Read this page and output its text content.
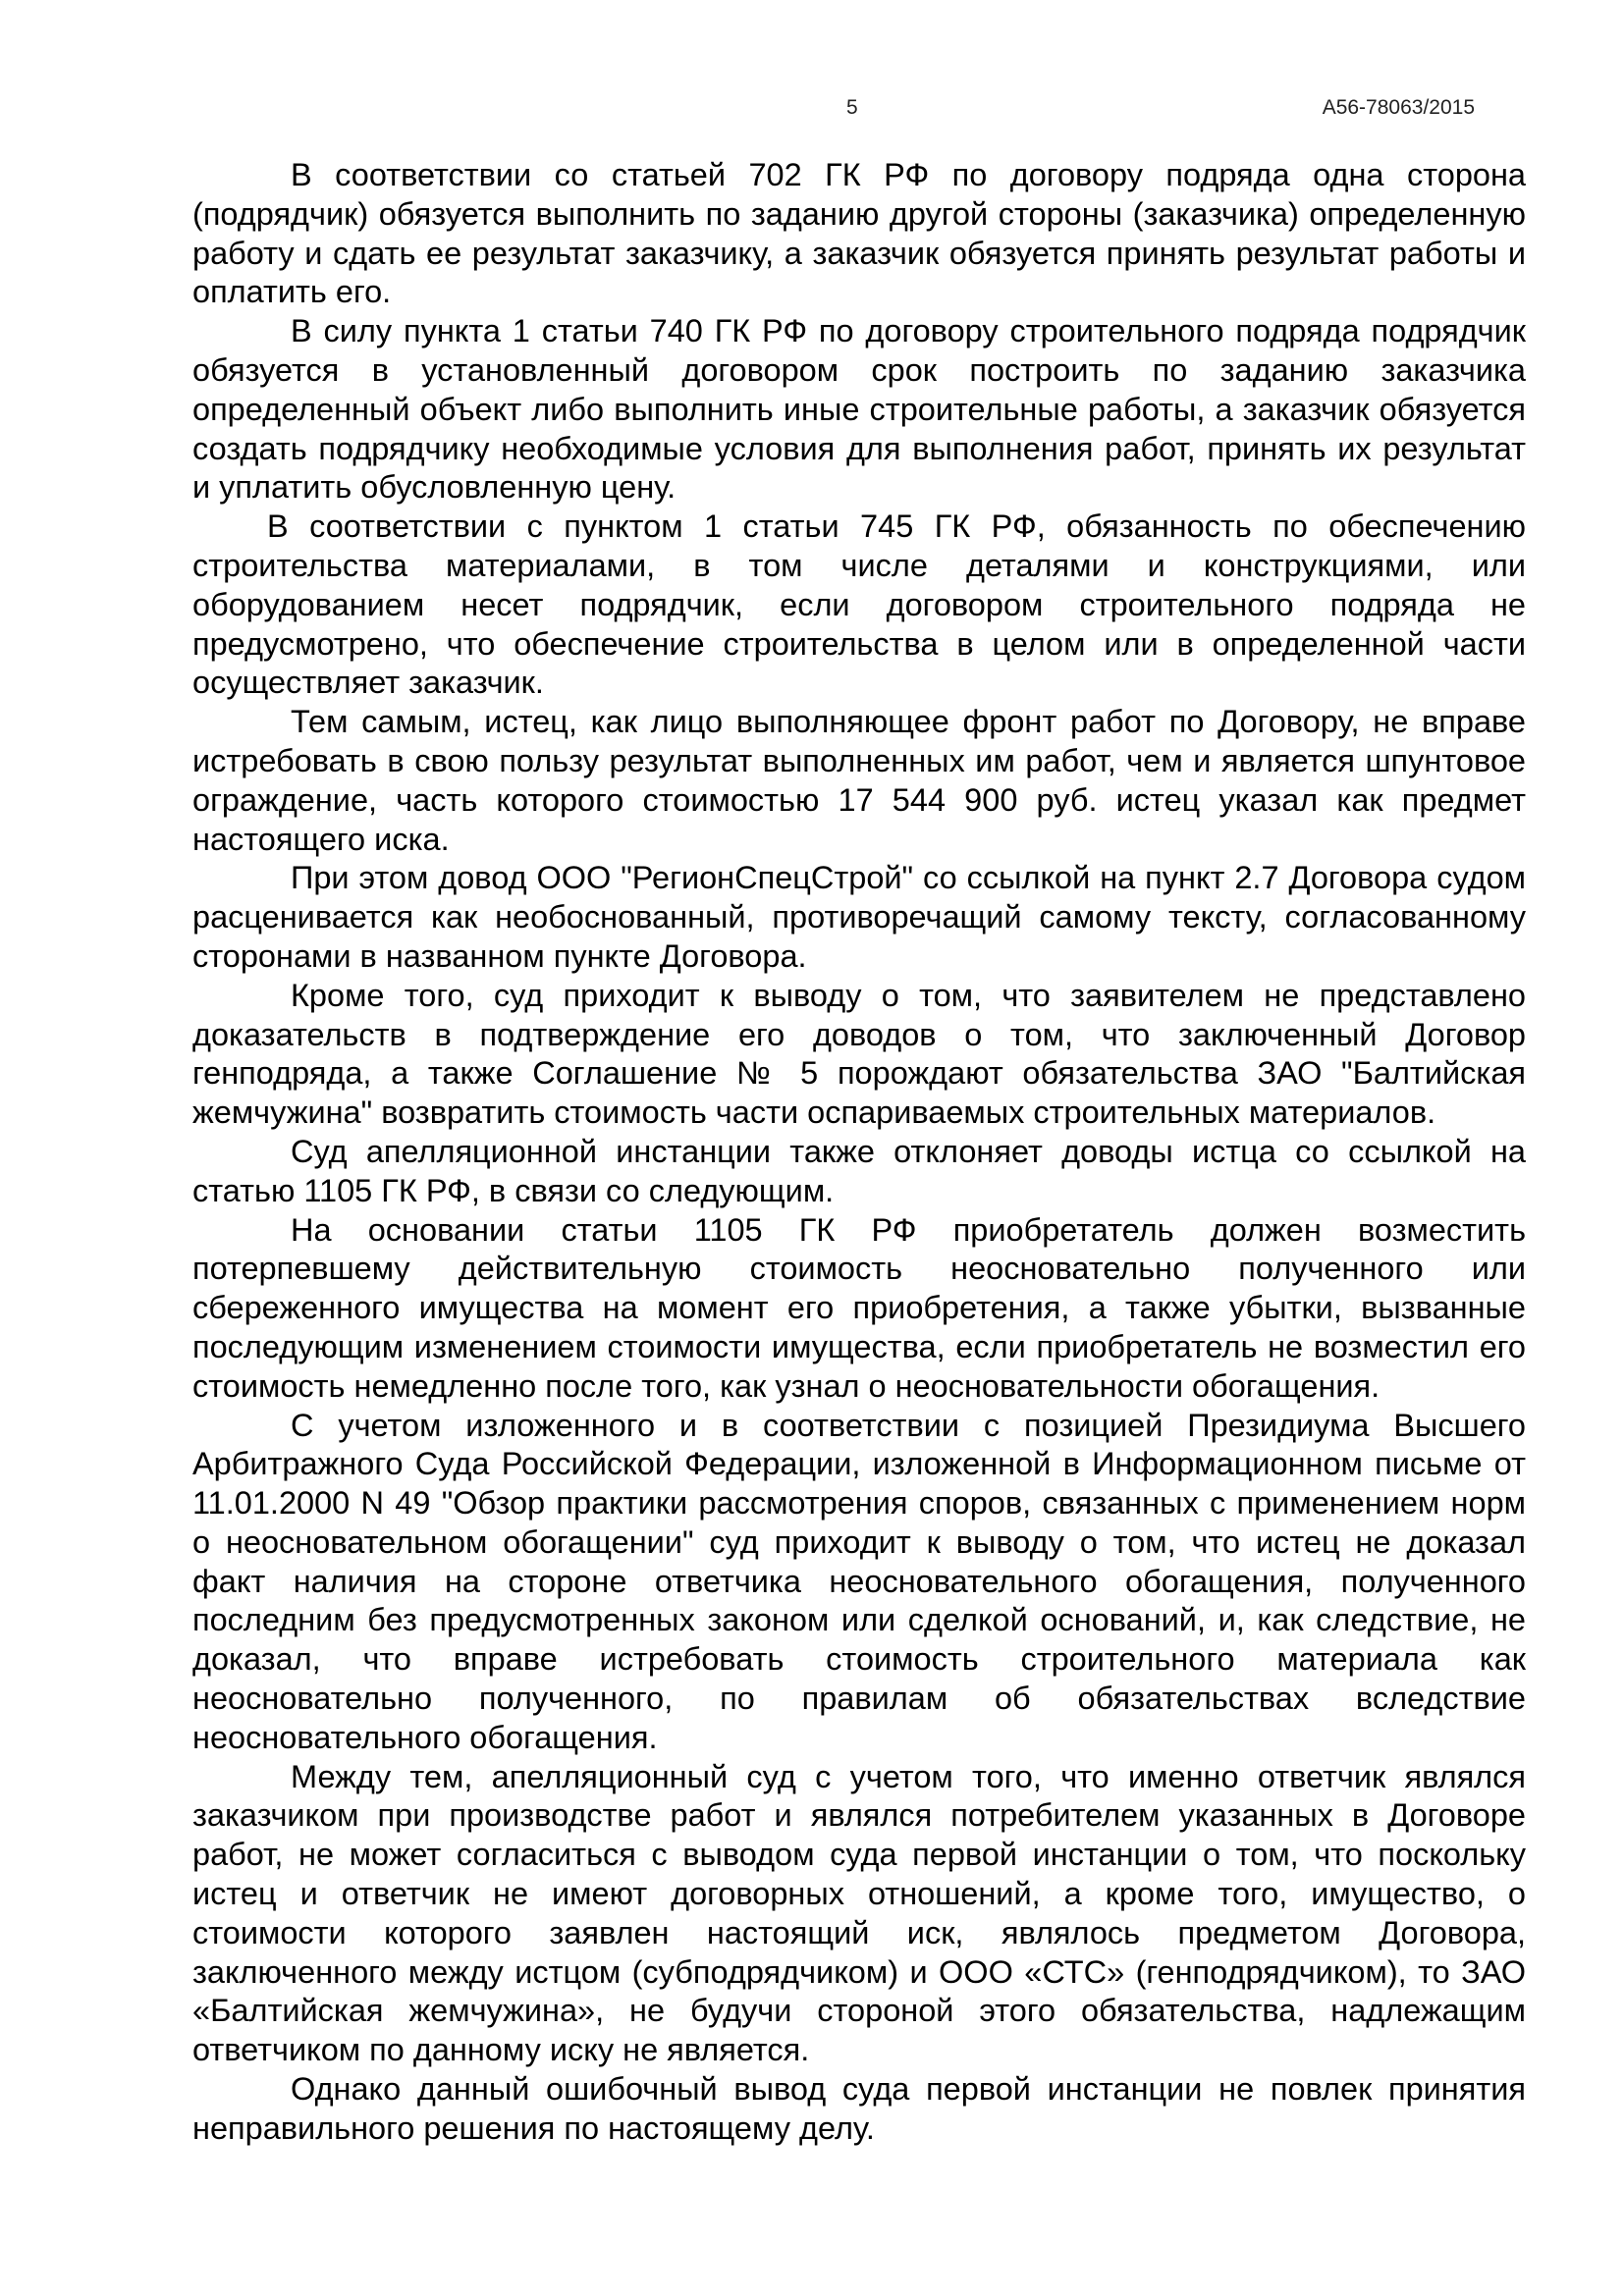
5	А56-78063/2015

В соответствии со статьей 702 ГК РФ по договору подряда одна сторона (подрядчик) обязуется выполнить по заданию другой стороны (заказчика) определенную работу и сдать ее результат заказчику, а заказчик обязуется принять результат работы и оплатить его.

В силу пункта 1 статьи 740 ГК РФ по договору строительного подряда подрядчик обязуется в установленный договором срок построить по заданию заказчика определенный объект либо выполнить иные строительные работы, а заказчик обязуется создать подрядчику необходимые условия для выполнения работ, принять их результат и уплатить обусловленную цену.

В соответствии с пунктом 1 статьи 745 ГК РФ, обязанность по обеспечению строительства материалами, в том числе деталями и конструкциями, или оборудованием несет подрядчик, если договором строительного подряда не предусмотрено, что обеспечение строительства в целом или в определенной части осуществляет заказчик.

Тем самым, истец, как лицо выполняющее фронт работ по Договору, не вправе истребовать в свою пользу результат выполненных им работ, чем и является шпунтовое ограждение, часть которого стоимостью 17 544 900 руб. истец указал как предмет настоящего иска.

При этом довод ООО "РегионСпецСтрой" со ссылкой на пункт 2.7 Договора судом расценивается как необоснованный, противоречащий самому тексту, согласованному сторонами в названном пункте Договора.

Кроме того, суд приходит к выводу о том, что заявителем не представлено доказательств в подтверждение его доводов о том, что заключенный Договор генподряда, а также Соглашение № 5 порождают обязательства ЗАО "Балтийская жемчужина" возвратить стоимость части оспариваемых строительных материалов.

Суд апелляционной инстанции также отклоняет доводы истца со ссылкой на статью 1105 ГК РФ, в связи со следующим.

На основании статьи 1105 ГК РФ приобретатель должен возместить потерпевшему действительную стоимость неосновательно полученного или сбереженного имущества на момент его приобретения, а также убытки, вызванные последующим изменением стоимости имущества, если приобретатель не возместил его стоимость немедленно после того, как узнал о неосновательности обогащения.

С учетом изложенного и в соответствии с позицией Президиума Высшего Арбитражного Суда Российской Федерации, изложенной в Информационном письме от 11.01.2000 N 49 "Обзор практики рассмотрения споров, связанных с применением норм о неосновательном обогащении" суд приходит к выводу о том, что истец не доказал факт наличия на стороне ответчика неосновательного обогащения, полученного последним без предусмотренных законом или сделкой оснований, и, как следствие, не доказал, что вправе истребовать стоимость строительного материала как неосновательно полученного, по правилам об обязательствах вследствие неосновательного обогащения.

Между тем, апелляционный суд с учетом того, что именно ответчик являлся заказчиком при производстве работ и являлся потребителем указанных в Договоре работ, не может согласиться с выводом суда первой инстанции о том, что поскольку истец и ответчик не имеют договорных отношений, а кроме того, имущество, о стоимости которого заявлен настоящий иск, являлось предметом Договора, заключенного между истцом (субподрядчиком) и ООО «СТС» (генподрядчиком), то ЗАО «Балтийская жемчужина», не будучи стороной этого обязательства, надлежащим ответчиком по данному иску не является.

Однако данный ошибочный вывод суда первой инстанции не повлек принятия неправильного решения по настоящему делу.
